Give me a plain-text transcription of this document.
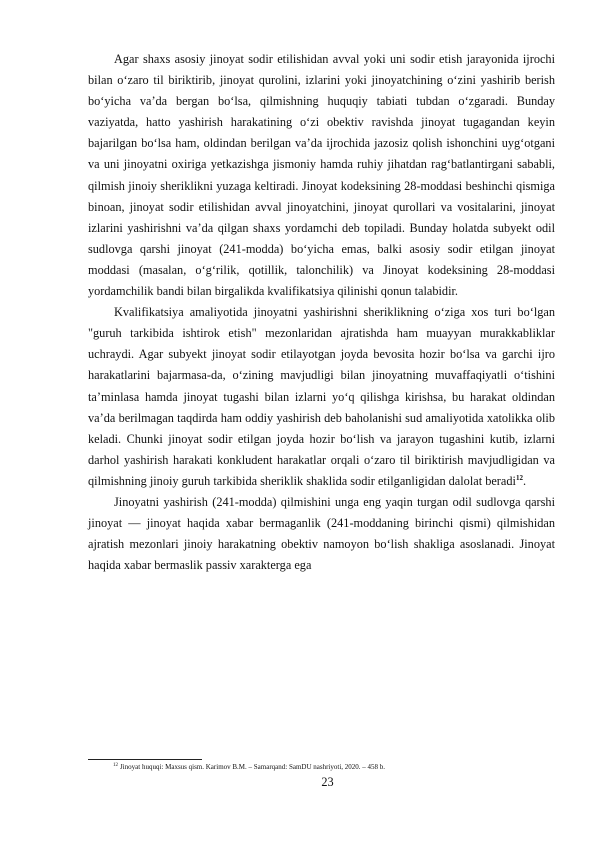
Agar shaxs asosiy jinoyat sodir etilishidan avval yoki uni sodir etish jarayonida ijrochi bilan o‘zaro til biriktirib, jinoyat qurolini, izlarini yoki jinoyatchining o‘zini yashirib berish bo‘yicha va’da bergan bo‘lsa, qilmishning huquqiy tabiati tubdan o‘zgaradi. Bunday vaziyatda, hatto yashirish harakatining o‘zi obektiv ravishda jinoyat tugagandan keyin bajarilgan bo‘lsa ham, oldindan berilgan va’da ijrochida jazosiz qolish ishonchini uyg‘otgani va uni jinoyatni oxiriga yetkazishga jismoniy hamda ruhiy jihatdan rag‘batlantirgani sababli, qilmish jinoiy sheriklikni yuzaga keltiradi. Jinoyat kodeksining 28-moddasi beshinchi qismiga binoan, jinoyat sodir etilishidan avval jinoyatchini, jinoyat qurollari va vositalarini, jinoyat izlarini yashirishni va’da qilgan shaxs yordamchi deb topiladi. Bunday holatda subyekt odil sudlovga qarshi jinoyat (241-modda) bo‘yicha emas, balki asosiy sodir etilgan jinoyat moddasi (masalan, o‘g‘rilik, qotillik, talonchilik) va Jinoyat kodeksining 28-moddasi yordamchilik bandi bilan birgalikda kvalifikatsiya qilinishi qonun talabidir.

Kvalifikatsiya amaliyotida jinoyatni yashirishni sheriklikning o‘ziga xos turi bo‘lgan "guruh tarkibida ishtirok etish" mezonlaridan ajratishda ham muayyan murakkabliklar uchraydi. Agar subyekt jinoyat sodir etilayotgan joyda bevosita hozir bo‘lsa va garchi ijro harakatlarini bajarmasa-da, o‘zining mavjudligi bilan jinoyatning muvaffaqiyatli o‘tishini ta’minlasa hamda jinoyat tugashi bilan izlarni yo‘q qilishga kirishsa, bu harakat oldindan va’da berilmagan taqdirda ham oddiy yashirish deb baholanishi sud amaliyotida xatolikka olib keladi. Chunki jinoyat sodir etilgan joyda hozir bo‘lish va jarayon tugashini kutib, izlarni darhol yashirish harakati konkludent harakatlar orqali o‘zaro til biriktirish mavjudligidan va qilmishning jinoiy guruh tarkibida sheriklik shaklida sodir etilganligidan dalolat beradi$^{12}$.

Jinoyatni yashirish (241-modda) qilmishini unga eng yaqin turgan odil sudlovga qarshi jinoyat — jinoyat haqida xabar bermaganlik (241-moddaning birinchi qismi) qilmishidan ajratish mezonlari jinoiy harakatning obektiv namoyon bo‘lish shakliga asoslanadi. Jinoyat haqida xabar bermaslik passiv xarakterga ega

$^{12}$ Jinoyat huquqi: Maxsus qism. Karimov B.M. – Samarqand: SamDU nashriyoti, 2020. – 458 b.
23
